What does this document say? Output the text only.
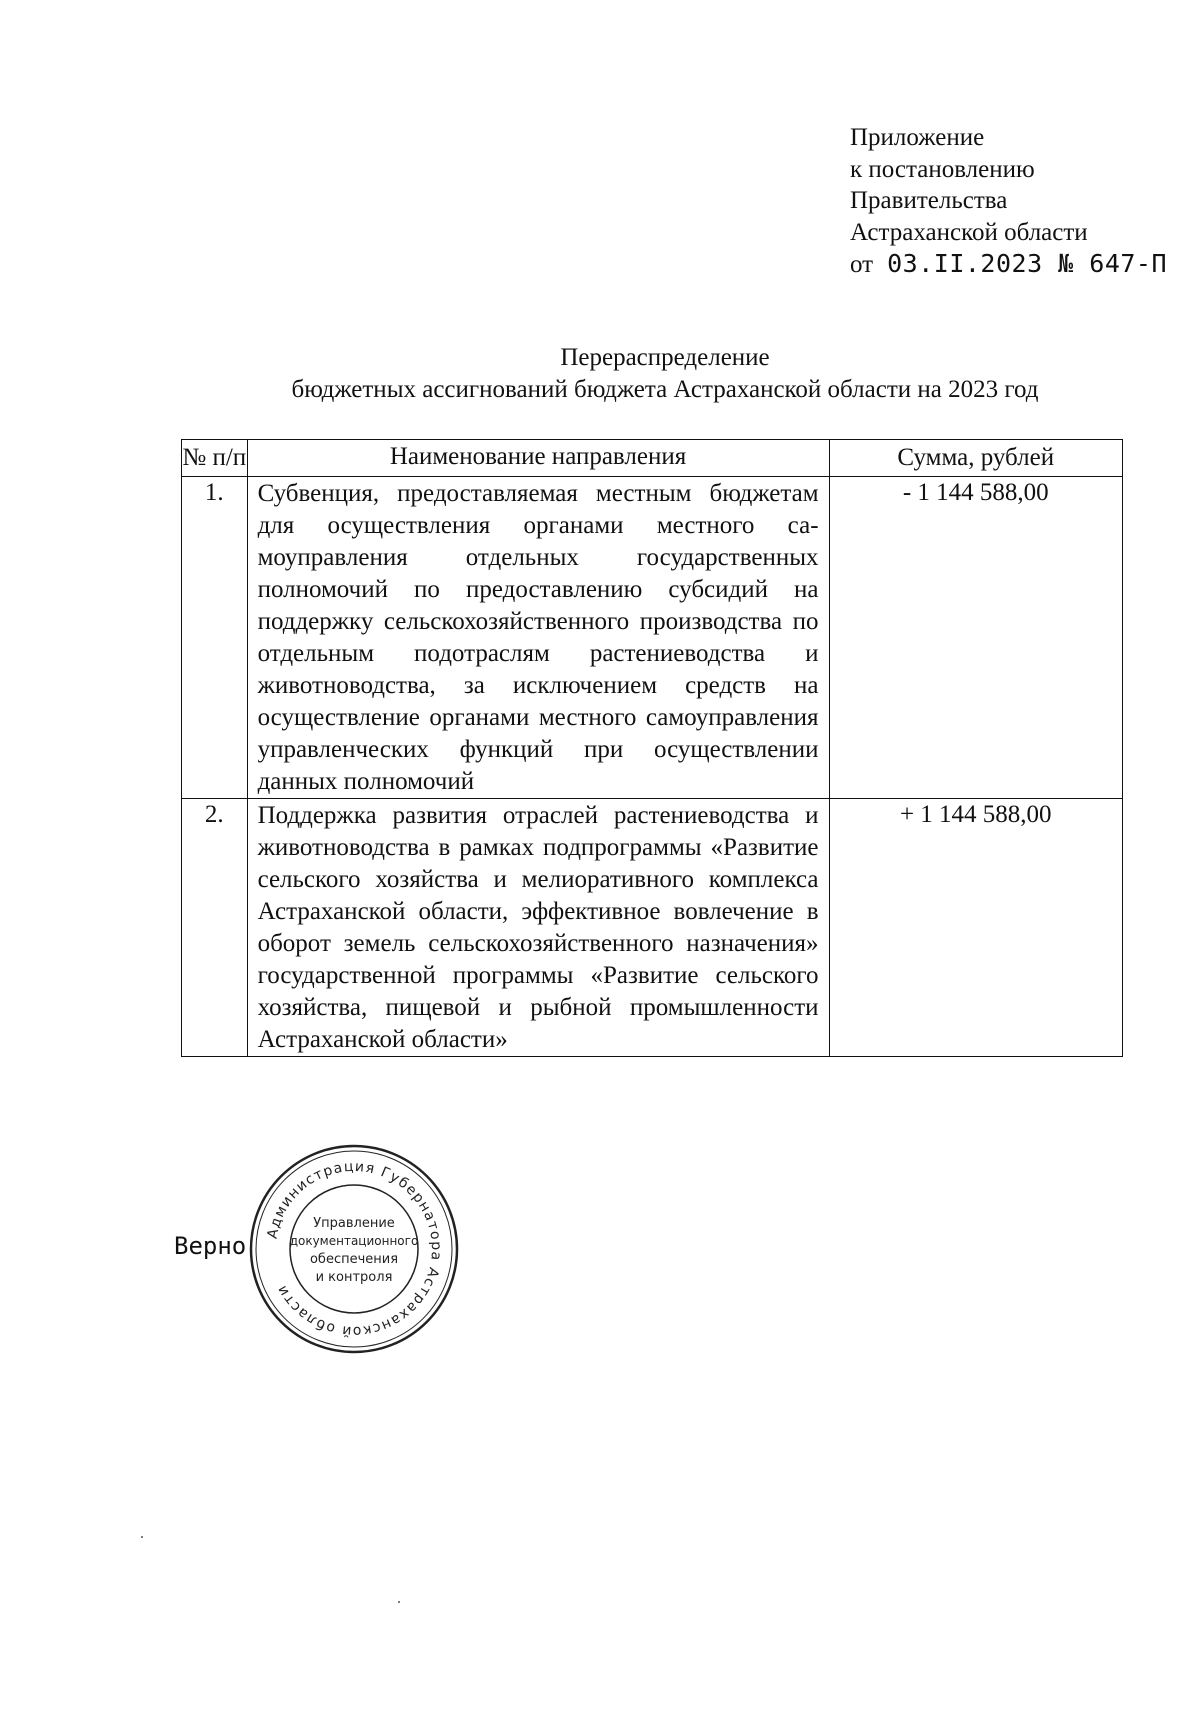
Приложение
к постановлению
Правительства
Астраханской области
от 03.II.2023 № 647-П
Перераспределение
бюджетных ассигнований бюджета Астраханской области на 2023 год
№ п/п	Наименование направления	Сумма, рублей
1.	Субвенция, предоставляемая местным бюджетам для осуществления органами местного самоуправления отдельных государственных полномочий по предоставлению субсидий на поддержку сельскохозяйственного производства по отдельным подотраслям растениеводства и животноводства, за исключением средств на осуществление органами местного самоуправления управленческих функций при осуществлении данных полномочий	- 1 144 588,00
2.	Поддержка развития отраслей растениеводства и животноводства в рамках подпрограммы «Развитие сельского хозяйства и мелиоративного комплекса Астраханской области, эффективное вовлечение в оборот земель сельскохозяйственного назначения» государственной программы «Развитие сельского хозяйства, пищевой и рыбной промышленности Астраханской области»	+ 1 144 588,00
Верно Администрация Губернатора Астраханской области
Управление
документационного
обеспечения
и контроля
